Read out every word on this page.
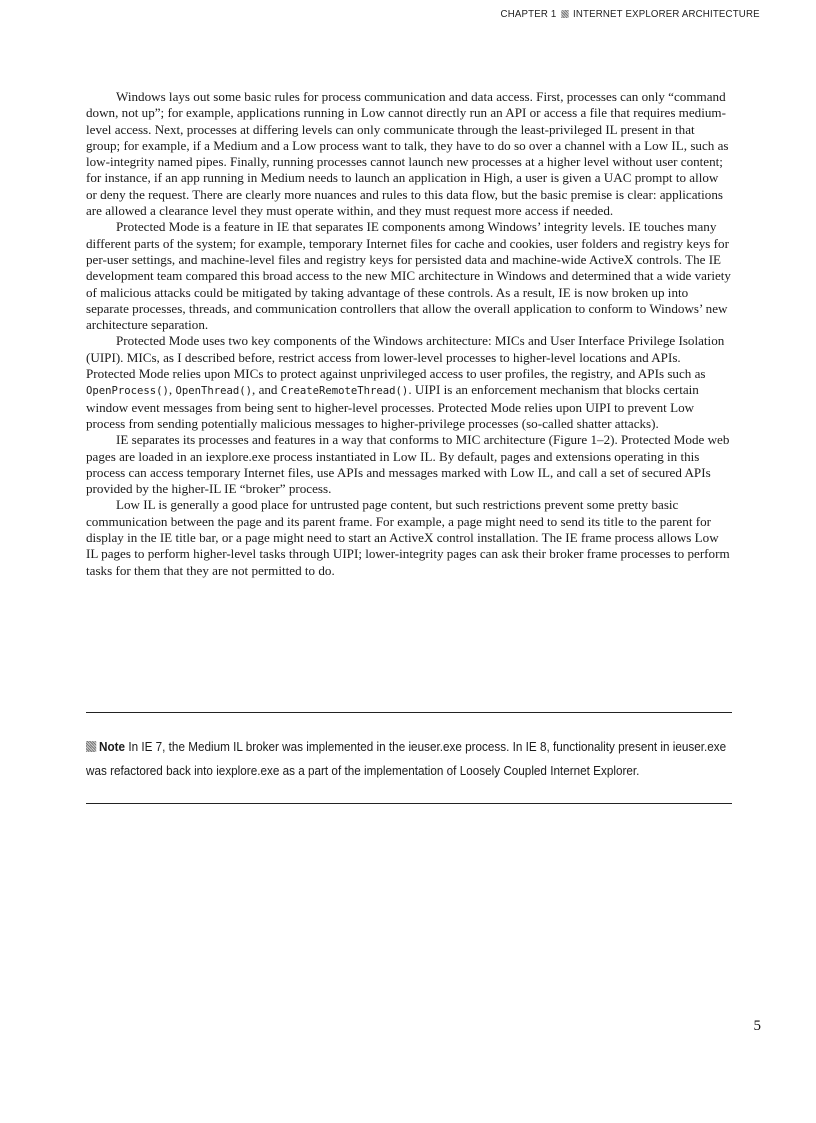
CHAPTER 1 INTERNET EXPLORER ARCHITECTURE

Windows lays out some basic rules for process communication and data access. First, processes can only “command down, not up”; for example, applications running in Low cannot directly run an API or access a file that requires medium-level access. Next, processes at differing levels can only communicate through the least-privileged IL present in that group; for example, if a Medium and a Low process want to talk, they have to do so over a channel with a Low IL, such as low-integrity named pipes. Finally, running processes cannot launch new processes at a higher level without user content; for instance, if an app running in Medium needs to launch an application in High, a user is given a UAC prompt to allow or deny the request. There are clearly more nuances and rules to this data flow, but the basic premise is clear: applications are allowed a clearance level they must operate within, and they must request more access if needed.

Protected Mode is a feature in IE that separates IE components among Windows’ integrity levels. IE touches many different parts of the system; for example, temporary Internet files for cache and cookies, user folders and registry keys for per-user settings, and machine-level files and registry keys for persisted data and machine-wide ActiveX controls. The IE development team compared this broad access to the new MIC architecture in Windows and determined that a wide variety of malicious attacks could be mitigated by taking advantage of these controls. As a result, IE is now broken up into separate processes, threads, and communication controllers that allow the overall application to conform to Windows’ new architecture separation.

Protected Mode uses two key components of the Windows architecture: MICs and User Interface Privilege Isolation (UIPI). MICs, as I described before, restrict access from lower-level processes to higher-level locations and APIs. Protected Mode relies upon MICs to protect against unprivileged access to user profiles, the registry, and APIs such as OpenProcess(), OpenThread(), and CreateRemoteThread(). UIPI is an enforcement mechanism that blocks certain window event messages from being sent to higher-level processes. Protected Mode relies upon UIPI to prevent Low process from sending potentially malicious messages to higher-privilege processes (so-called shatter attacks).

IE separates its processes and features in a way that conforms to MIC architecture (Figure 1–2). Protected Mode web pages are loaded in an iexplore.exe process instantiated in Low IL. By default, pages and extensions operating in this process can access temporary Internet files, use APIs and messages marked with Low IL, and call a set of secured APIs provided by the higher-IL IE “broker” process.

Low IL is generally a good place for untrusted page content, but such restrictions prevent some pretty basic communication between the page and its parent frame. For example, a page might need to send its title to the parent for display in the IE title bar, or a page might need to start an ActiveX control installation. The IE frame process allows Low IL pages to perform higher-level tasks through UIPI; lower-integrity pages can ask their broker frame processes to perform tasks for them that they are not permitted to do.

Note In IE 7, the Medium IL broker was implemented in the ieuser.exe process. In IE 8, functionality present in ieuser.exe was refactored back into iexplore.exe as a part of the implementation of Loosely Coupled Internet Explorer.
5
